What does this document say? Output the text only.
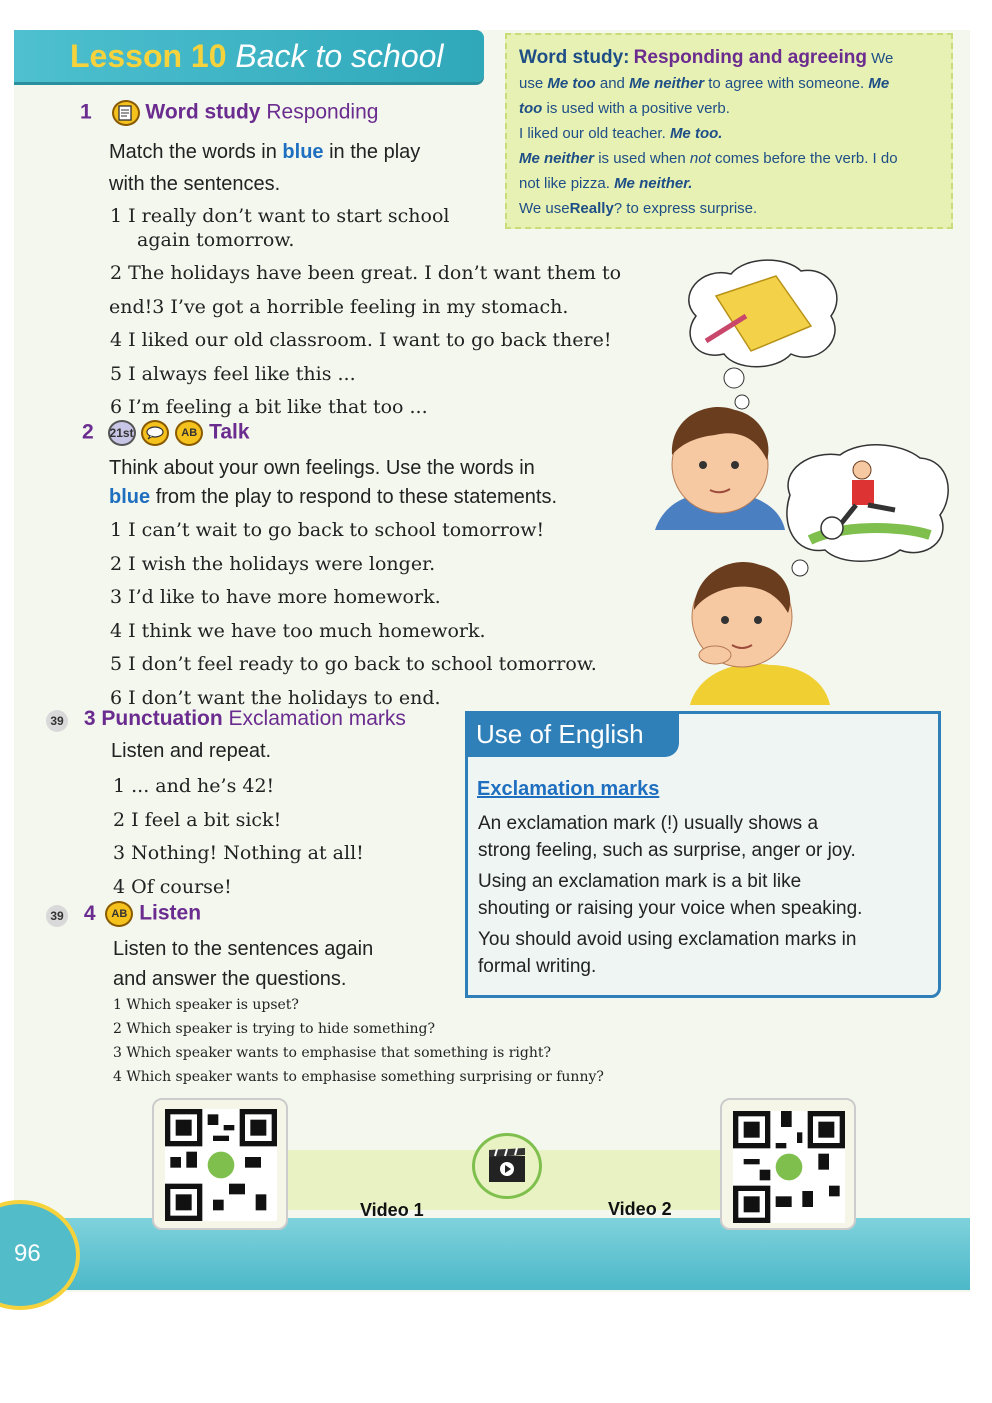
Lesson 10 Back to school	Word study: Responding and agreeing We
use Me too and Me neither to agree with someone. Me
too is used with a positive verb.
I liked our old teacher. Me too.
Me neither is used when not comes before the verb. I do
not like pizza. Me neither.
We useReally? to express surprise.
1	Word study Responding
Match the words in blue in the play
with the sentences.
1 I really don’t want to start school
again tomorrow.
2 The holidays have been great. I don’t want them to
end!3 I’ve got a horrible feeling in my stomach.
4 I liked our old classroom. I want to go back there!
5 I always feel like this ...
6 I’m feeling a bit like that too ...
2 21st	AB Talk
Think about your own feelings. Use the words in
blue from the play to respond to these statements.
1 I can’t wait to go back to school tomorrow!
2 I wish the holidays were longer.
3 I’d like to have more homework.
4 I think we have too much homework.
5 I don’t feel ready to go back to school tomorrow.
6 I don’t want the holidays to end.
39 3 Punctuation Exclamation marks
Listen and repeat.
1 ... and he’s 42!
2 I feel a bit sick!
3 Nothing! Nothing at all!
4 Of course!
39 4 AB Listen
Listen to the sentences again
and answer the questions.
1 Which speaker is upset?
2 Which speaker is trying to hide something?
3 Which speaker wants to emphasise that something is right?
4 Which speaker wants to emphasise something surprising or funny?
Use of English
Exclamation marks
An exclamation mark (!) usually shows a
strong feeling, such as surprise, anger or joy.
Using an exclamation mark is a bit like
shouting or raising your voice when speaking.
You should avoid using exclamation marks in
formal writing.
96
Video 1	Video 2
